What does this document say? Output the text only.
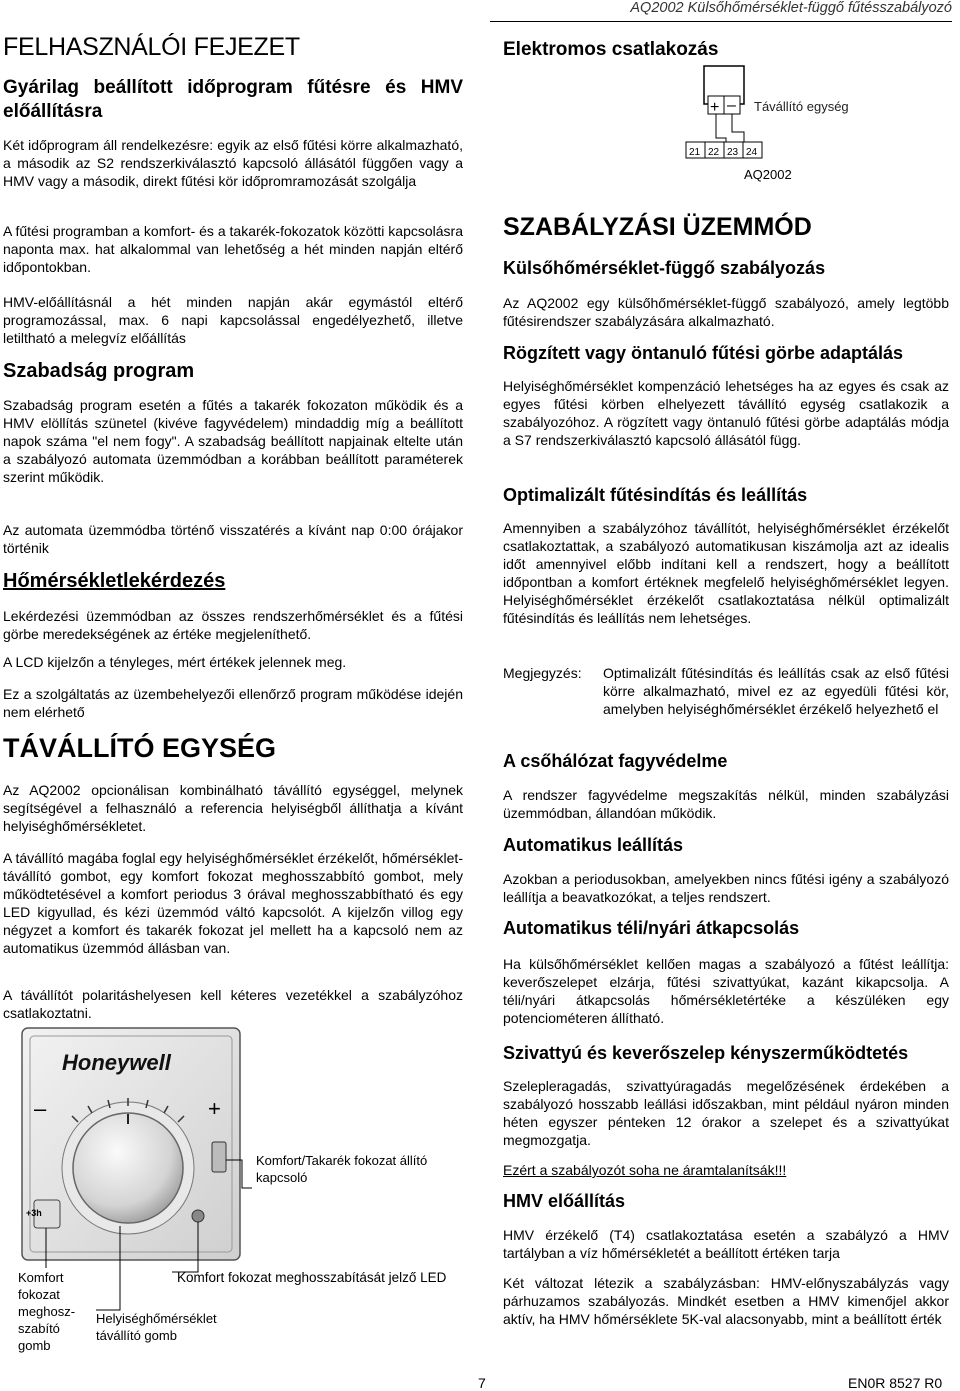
AQ2002 Külsőhőmérséklet-függő fűtésszabályozó
FELHASZNÁLÓI FEJEZET
Gyárilag beállított időprogram fűtésre és HMV előállításra
Két időprogram áll rendelkezésre: egyik az első fűtési körre alkalmazható, a második az S2 rendszerkiválasztó kapcsoló állásától függően vagy a HMV vagy a második, direkt fűtési kör időpromramozását szolgálja
A fűtési programban a komfort- és a takarék-fokozatok közötti kapcsolásra naponta max. hat alkalommal van lehetőség a hét minden napján eltérő időpontokban.
HMV-előállításnál a hét minden napján akár egymástól eltérő programozással, max. 6 napi kapcsolással engedélyezhető, illetve letiltható a melegvíz előállítás
Szabadság program
Szabadság program esetén a fűtés a takarék fokozaton működik és a HMV elöllítás szünetel (kivéve fagyvédelem) mindaddig míg a beállított napok száma "el nem fogy". A szabadság beállított napjainak eltelte után a szabályozó automata üzemmódban a korábban beállított paraméterek szerint működik.
Az automata üzemmódba történő visszatérés a kívánt nap 0:00 órájakor történik
Hőmérsékletlekérdezés
Lekérdezési üzemmódban az összes rendszerhőmérséklet és a fűtési görbe meredekségének az értéke megjeleníthető.
A LCD kijelzőn a tényleges, mért értékek jelennek meg.
Ez a szolgáltatás az üzembehelyezői ellenőrző program működése idején nem elérhető
TÁVÁLLÍTÓ EGYSÉG
Az AQ2002 opcionálisan kombinálható távállító egységgel, melynek segítségével a felhasználó a referencia helyiségből állíthatja a kívánt helyiséghőmérsékletet.
A távállító magába foglal egy helyiséghőmérséklet érzékelőt, hőmérséklet-távállító gombot, egy komfort fokozat meghosszabbító gombot, mely működtetésével a komfort periodus 3 órával meghosszabbítható és egy LED kigyullad, és kézi üzemmód váltó kapcsolót. A kijelzőn villog egy négyzet a komfort és takarék fokozat jel mellett ha a kapcsoló nem az automatikus üzemmód állásban van.
A távállítót polaritáshelyesen kell kéteres vezetékkel a szabályzóhoz csatlakoztatni.
Honeywell
–	+
+3h
Komfort/Takarék fokozat állító kapcsoló
Komfort fokozat meghosszabítását jelző LED
Komfort fokozat meghosz-szabító gomb
Helyiséghőmérséklet távállító gomb
Elektromos csatlakozás
SZABÁLYZÁSI ÜZEMMÓD
Külsőhőmérséklet-függő szabályozás
Az AQ2002 egy külsőhőmérséklet-függő szabályozó, amely legtöbb fűtésirendszer szabályzására alkalmazható.
Rögzített vagy öntanuló fűtési görbe adaptálás
Helyiséghőmérséklet kompenzáció lehetséges ha az egyes és csak az egyes fűtési körben elhelyezett távállító egység csatlakozik a szabályozóhoz. A rögzített vagy öntanuló fűtési görbe adaptálás módja a S7 rendszerkiválasztó kapcsoló állásától függ.
Optimalizált fűtésindítás és leállítás
Amennyiben a szabályzóhoz távállítót, helyiséghőmérséklet érzékelőt csatlakoztattak, a szabályozó automatikusan kiszámolja azt az idealis időt amennyivel előbb indítani kell a rendszert, hogy a beállított időpontban a komfort értéknek megfelelő helyiséghőmérséklet legyen. Helyiséghőmérséklet érzékelőt csatlakoztatása nélkül optimalizált fűtésindítás és leállítás nem lehetséges.
Megjegyzés:	Optimalizált fűtésindítás és leállítás csak az első fűtési körre alkalmazható, mivel ez az egyedüli fűtési kör, amelyben helyiséghőmérséklet érzékelő helyezhető el
A csőhálózat fagyvédelme
A rendszer fagyvédelme megszakítás nélkül, minden szabályzási üzemmódban, állandóan működik.
Automatikus leállítás
Azokban a periodusokban, amelyekben nincs fűtési igény a szabályozó leállítja a beavatkozókat, a teljes rendszert.
Automatikus téli/nyári átkapcsolás
Ha külsőhőmérséklet kellően magas a szabályozó a fűtést leállítja: keverőszelepet elzárja, fűtési szivattyúkat, kazánt kikapcsolja. A téli/nyári átkapcsolás hőmérsékletértéke a készüléken egy potenciométeren állítható.
Szivattyú és keverőszelep kényszerműködtetés
Szelepleragadás, szivattyúragadás megelőzésének érdekében a szabályozó hosszabb leállási időszakban, mint például nyáron minden héten egyszer pénteken 12 órakor a szelepet és a szivattyúkat megmozgatja.
Ezért a szabályozót soha ne áramtalanítsák!!!
HMV előállítás
HMV érzékelő (T4) csatlakoztatása esetén a szabályzó a HMV tartályban a víz hőmérsékletét a beállított értéken tarja
Két változat létezik a szabályzásban: HMV-előnyszabályzás vagy párhuzamos szabályozás. Mindkét esetben a HMV kimenőjel akkor aktív, ha HMV hőmérséklete 5K-val alacsonyabb, mint a beállított érték
+ – Távállító egység
21 22 23 24
AQ2002
7	EN0R 8527 R0
